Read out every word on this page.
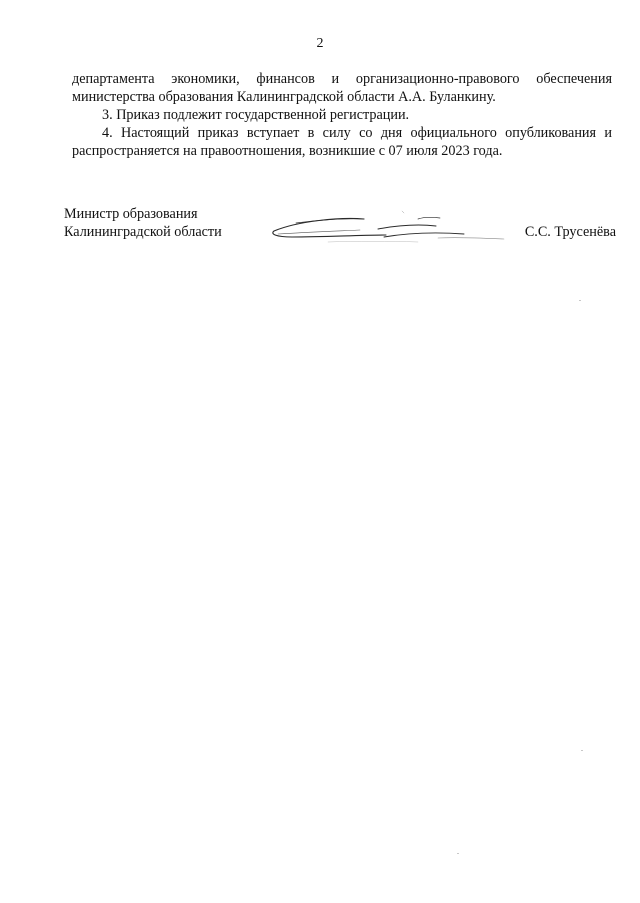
2

департамента экономики, финансов и организационно-правового обеспечения министерства образования Калининградской области А.А. Буланкину.

3. Приказ подлежит государственной регистрации.

4. Настоящий приказ вступает в силу со дня официального опубликования и распространяется на правоотношения, возникшие с 07 июля 2023 года.

Министр образования
Калининградской области	С.С. Трусенёва
